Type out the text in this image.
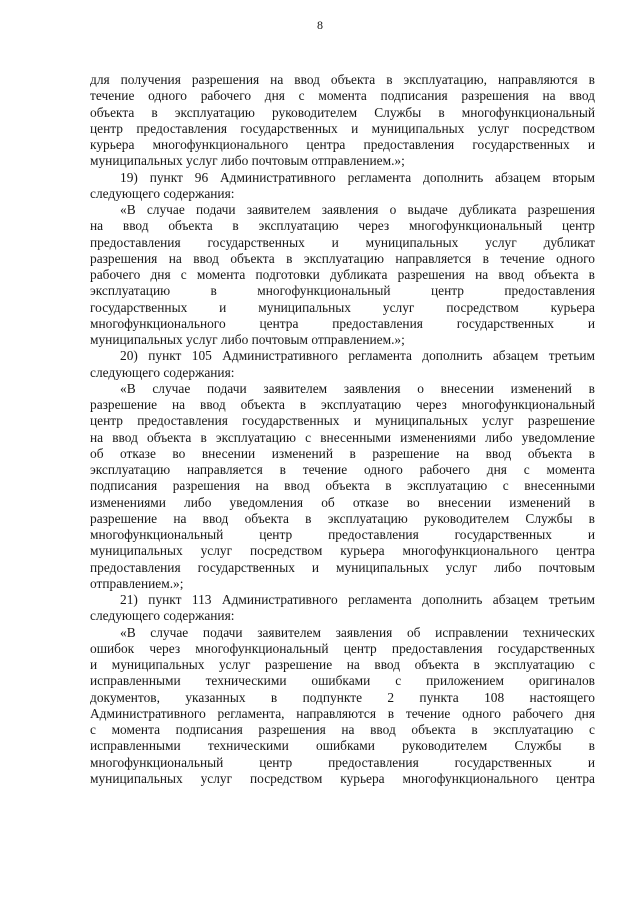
8
для получения разрешения на ввод объекта в эксплуатацию, направляются в
течение одного рабочего дня с момента подписания разрешения на ввод
объекта в эксплуатацию руководителем Службы в многофункциональный
центр предоставления государственных и муниципальных услуг посредством
курьера многофункционального центра предоставления государственных и
муниципальных услуг либо почтовым отправлением.»;
19) пункт 96 Административного регламента дополнить абзацем вторым
следующего содержания:
«В случае подачи заявителем заявления о выдаче дубликата разрешения
на ввод объекта в эксплуатацию через многофункциональный центр
предоставления государственных и муниципальных услуг дубликат
разрешения на ввод объекта в эксплуатацию направляется в течение одного
рабочего дня с момента подготовки дубликата разрешения на ввод объекта в
эксплуатацию в многофункциональный центр предоставления
государственных и муниципальных услуг посредством курьера
многофункционального центра предоставления государственных и
муниципальных услуг либо почтовым отправлением.»;
20) пункт 105 Административного регламента дополнить абзацем третьим
следующего содержания:
«В случае подачи заявителем заявления о внесении изменений в
разрешение на ввод объекта в эксплуатацию через многофункциональный
центр предоставления государственных и муниципальных услуг разрешение
на ввод объекта в эксплуатацию с внесенными изменениями либо уведомление
об отказе во внесении изменений в разрешение на ввод объекта в
эксплуатацию направляется в течение одного рабочего дня с момента
подписания разрешения на ввод объекта в эксплуатацию с внесенными
изменениями либо уведомления об отказе во внесении изменений в
разрешение на ввод объекта в эксплуатацию руководителем Службы в
многофункциональный центр предоставления государственных и
муниципальных услуг посредством курьера многофункционального центра
предоставления государственных и муниципальных услуг либо почтовым
отправлением.»;
21) пункт 113 Административного регламента дополнить абзацем третьим
следующего содержания:
«В случае подачи заявителем заявления об исправлении технических
ошибок через многофункциональный центр предоставления государственных
и муниципальных услуг разрешение на ввод объекта в эксплуатацию с
исправленными техническими ошибками с приложением оригиналов
документов, указанных в подпункте 2 пункта 108 настоящего
Административного регламента, направляются в течение одного рабочего дня
с момента подписания разрешения на ввод объекта в эксплуатацию с
исправленными техническими ошибками руководителем Службы в
многофункциональный центр предоставления государственных и
муниципальных услуг посредством курьера многофункционального центра
